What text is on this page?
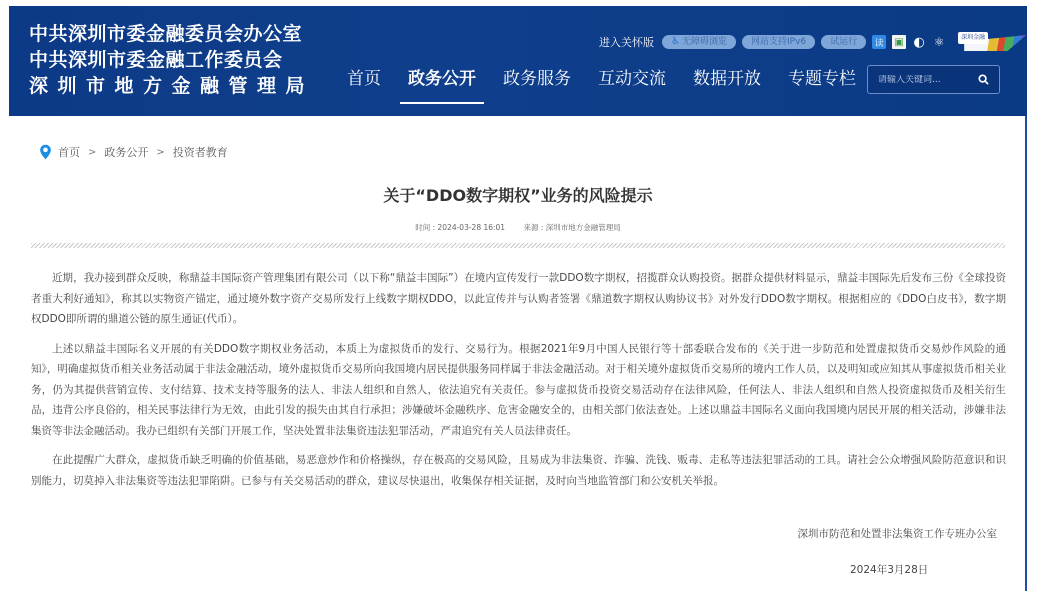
中共深圳市委金融委员会办公室
中共深圳市委金融工作委员会
深圳市地方金融管理局
进入关怀版 ♿ 无障碍浏览	网站支持IPv6	试运行 读 ▣ ◐ ⚛	深圳金融
首页 政务公开 政务服务 互动交流 数据开放 专题专栏
请输入关键词...
首页 > 政务公开 > 投资者教育
关于“DDO数字期权”业务的风险提示
时间 : 2024-03-28 16:01 来源 : 深圳市地方金融管理局

近期，我办接到群众反映，称鼎益丰国际资产管理集团有限公司（以下称“鼎益丰国际”）在境内宣传发行一款DDO数字期权，招揽群众认购投资。据群众提供材料显示，鼎益丰国际先后发布三份《全球投资者重大利好通知》，称其以实物资产锚定，通过境外数字资产交易所发行上线数字期权DDO，以此宣传并与认购者签署《鼎道数字期权认购协议书》对外发行DDO数字期权。根据相应的《DDO白皮书》，数字期权DDO即所谓的鼎道公链的原生通证(代币）。

上述以鼎益丰国际名义开展的有关DDO数字期权业务活动，本质上为虚拟货币的发行、交易行为。根据2021年9月中国人民银行等十部委联合发布的《关于进一步防范和处置虚拟货币交易炒作风险的通知》，明确虚拟货币相关业务活动属于非法金融活动，境外虚拟货币交易所向我国境内居民提供服务同样属于非法金融活动。对于相关境外虚拟货币交易所的境内工作人员，以及明知或应知其从事虚拟货币相关业务，仍为其提供营销宣传、支付结算、技术支持等服务的法人、非法人组织和自然人，依法追究有关责任。参与虚拟货币投资交易活动存在法律风险，任何法人、非法人组织和自然人投资虚拟货币及相关衍生品，违背公序良俗的，相关民事法律行为无效，由此引发的损失由其自行承担；涉嫌破坏金融秩序、危害金融安全的，由相关部门依法查处。上述以鼎益丰国际名义面向我国境内居民开展的相关活动，涉嫌非法集资等非法金融活动。我办已组织有关部门开展工作，坚决处置非法集资违法犯罪活动，严肃追究有关人员法律责任。

在此提醒广大群众，虚拟货币缺乏明确的价值基础，易恶意炒作和价格操纵，存在极高的交易风险，且易成为非法集资、诈骗、洗钱、贩毒、走私等违法犯罪活动的工具。请社会公众增强风险防范意识和识别能力，切莫掉入非法集资等违法犯罪陷阱。已参与有关交易活动的群众，建议尽快退出，收集保存相关证据，及时向当地监管部门和公安机关举报。

深圳市防范和处置非法集资工作专班办公室
2024年3月28日
